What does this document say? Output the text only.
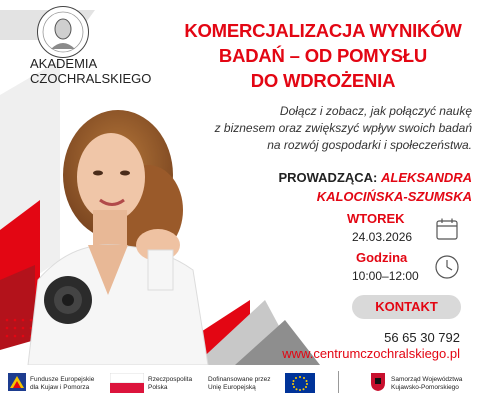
AKADEMIA
CZOCHRALSKIEGO
KOMERCJALIZACJA WYNIKÓW
BADAŃ – OD POMYSŁU
DO WDROŻENIA
Dołącz i zobacz, jak połączyć naukę
z biznesem oraz zwiększyć wpływ swoich badań
na rozwój gospodarki i społeczeństwa.
PROWADZĄCA: ALEKSANDRA
KALOCIŃSKA-SZUMSKA
WTOREK
24.03.2026
Godzina
10:00–12:00
KONTAKT
56 65 30 792
www.centrumczochralskiego.pl
Fundusze Europejskie
dla Kujaw i Pomorza
Rzeczpospolita
Polska
Dofinansowane przez
Unię Europejską
Samorząd Województwa
Kujawsko-Pomorskiego
